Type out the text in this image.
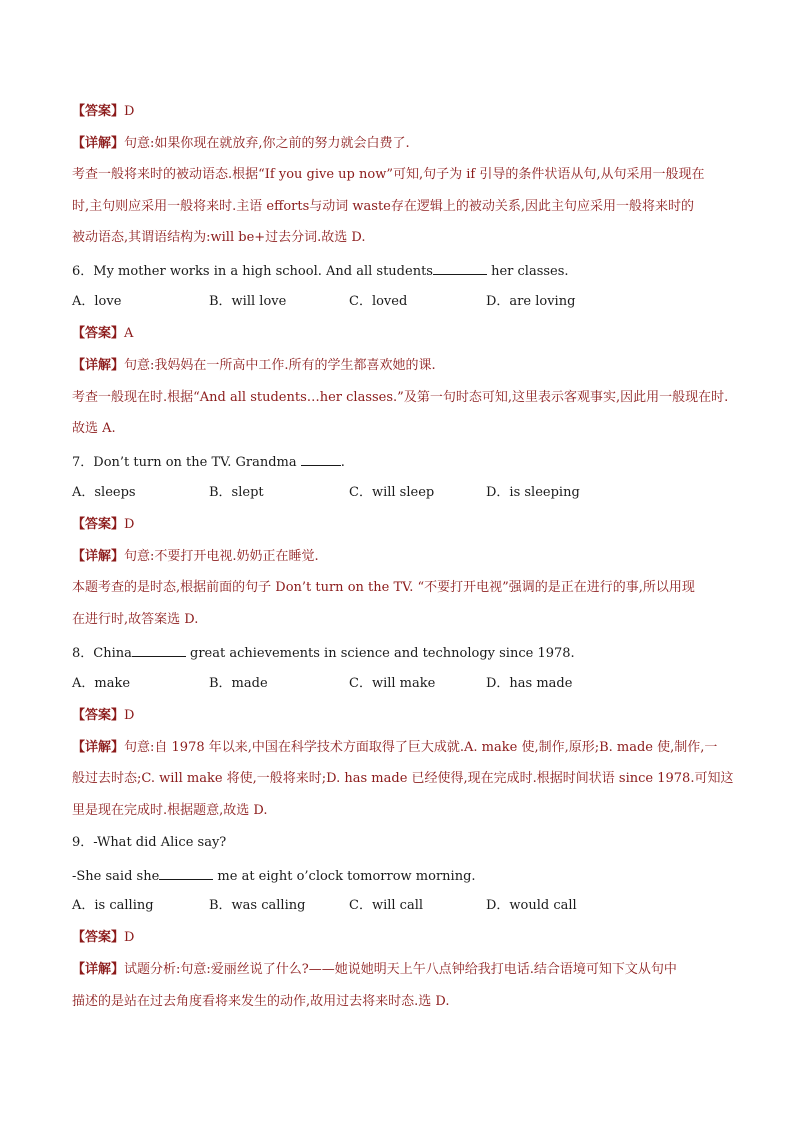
【答案】D
【详解】句意:如果你现在就放弃,你之前的努力就会白费了.
考查一般将来时的被动语态.根据“If you give up now”可知,句子为 if 引导的条件状语从句,从句采用一般现在
时,主句则应采用一般将来时.主语 efforts与动词 waste存在逻辑上的被动关系,因此主句应采用一般将来时的
被动语态,其谓语结构为:will be+过去分词.故选 D.
6．My mother works in a high school. And all students	her classes.
A．love	B．will love	C．loved	D．are loving
【答案】A
【详解】句意:我妈妈在一所高中工作.所有的学生都喜欢她的课.
考查一般现在时.根据“And all students…her classes.”及第一句时态可知,这里表示客观事实,因此用一般现在时.
故选 A.
7．Don’t turn on the TV. Grandma	.
A．sleeps	B．slept	C．will sleep	D．is sleeping
【答案】D
【详解】句意:不要打开电视.奶奶正在睡觉.
本题考查的是时态,根据前面的句子 Don’t turn on the TV. “不要打开电视”强调的是正在进行的事,所以用现
在进行时,故答案选 D.
8．China	great achievements in science and technology since 1978.
A．make	B．made	C．will make	D．has made
【答案】D
【详解】句意:自 1978 年以来,中国在科学技术方面取得了巨大成就.A. make 使,制作,原形;B. made 使,制作,一
般过去时态;C. will make 将使,一般将来时;D. has made 已经使得,现在完成时.根据时间状语 since 1978.可知这
里是现在完成时.根据题意,故选 D.
9．-What did Alice say?
-She said she	me at eight o’clock tomorrow morning.
A．is calling	B．was calling	C．will call	D．would call
【答案】D
【详解】试题分析:句意:爱丽丝说了什么?——她说她明天上午八点钟给我打电话.结合语境可知下文从句中
描述的是站在过去角度看将来发生的动作,故用过去将来时态.选 D.
